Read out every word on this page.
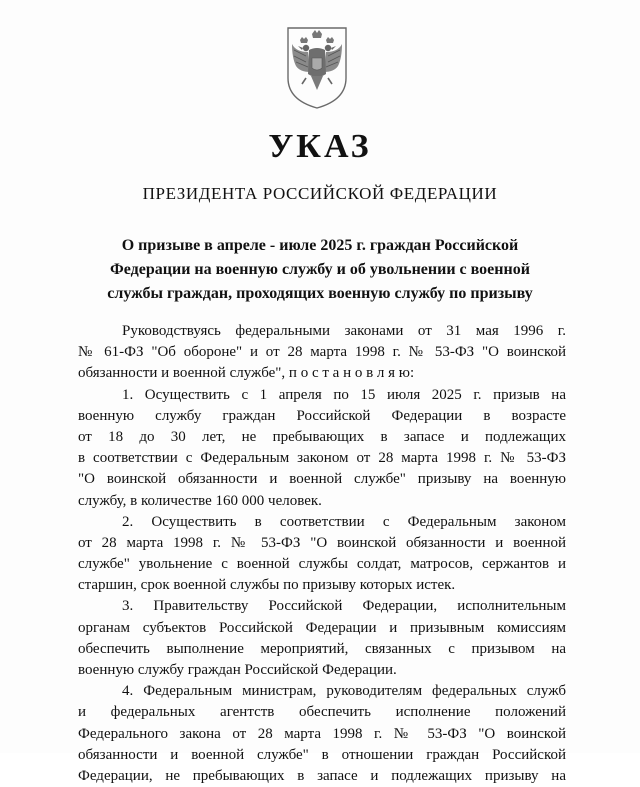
УКАЗ
ПРЕЗИДЕНТА РОССИЙСКОЙ ФЕДЕРАЦИИ
О призыве в апреле - июле 2025 г. граждан Российской
Федерации на военную службу и об увольнении с военной
службы граждан, проходящих военную службу по призыву
Руководствуясь федеральными законами от 31 мая 1996 г.
№ 61-ФЗ "Об обороне" и от 28 марта 1998 г. № 53-ФЗ "О воинской
обязанности и военной службе", п о с т а н о в л я ю:
1. Осуществить с 1 апреля по 15 июля 2025 г. призыв на
военную службу граждан Российской Федерации в возрасте
от 18 до 30 лет, не пребывающих в запасе и подлежащих
в соответствии с Федеральным законом от 28 марта 1998 г. № 53-ФЗ
"О воинской обязанности и военной службе" призыву на военную
службу, в количестве 160 000 человек.
2. Осуществить в соответствии с Федеральным законом
от 28 марта 1998 г. № 53-ФЗ "О воинской обязанности и военной
службе" увольнение с военной службы солдат, матросов, сержантов и
старшин, срок военной службы по призыву которых истек.
3. Правительству Российской Федерации, исполнительным
органам субъектов Российской Федерации и призывным комиссиям
обеспечить выполнение мероприятий, связанных с призывом на
военную службу граждан Российской Федерации.
4. Федеральным министрам, руководителям федеральных служб
и федеральных агентств обеспечить исполнение положений
Федерального закона от 28 марта 1998 г. № 53-ФЗ "О воинской
обязанности и военной службе" в отношении граждан Российской
Федерации, не пребывающих в запасе и подлежащих призыву на
